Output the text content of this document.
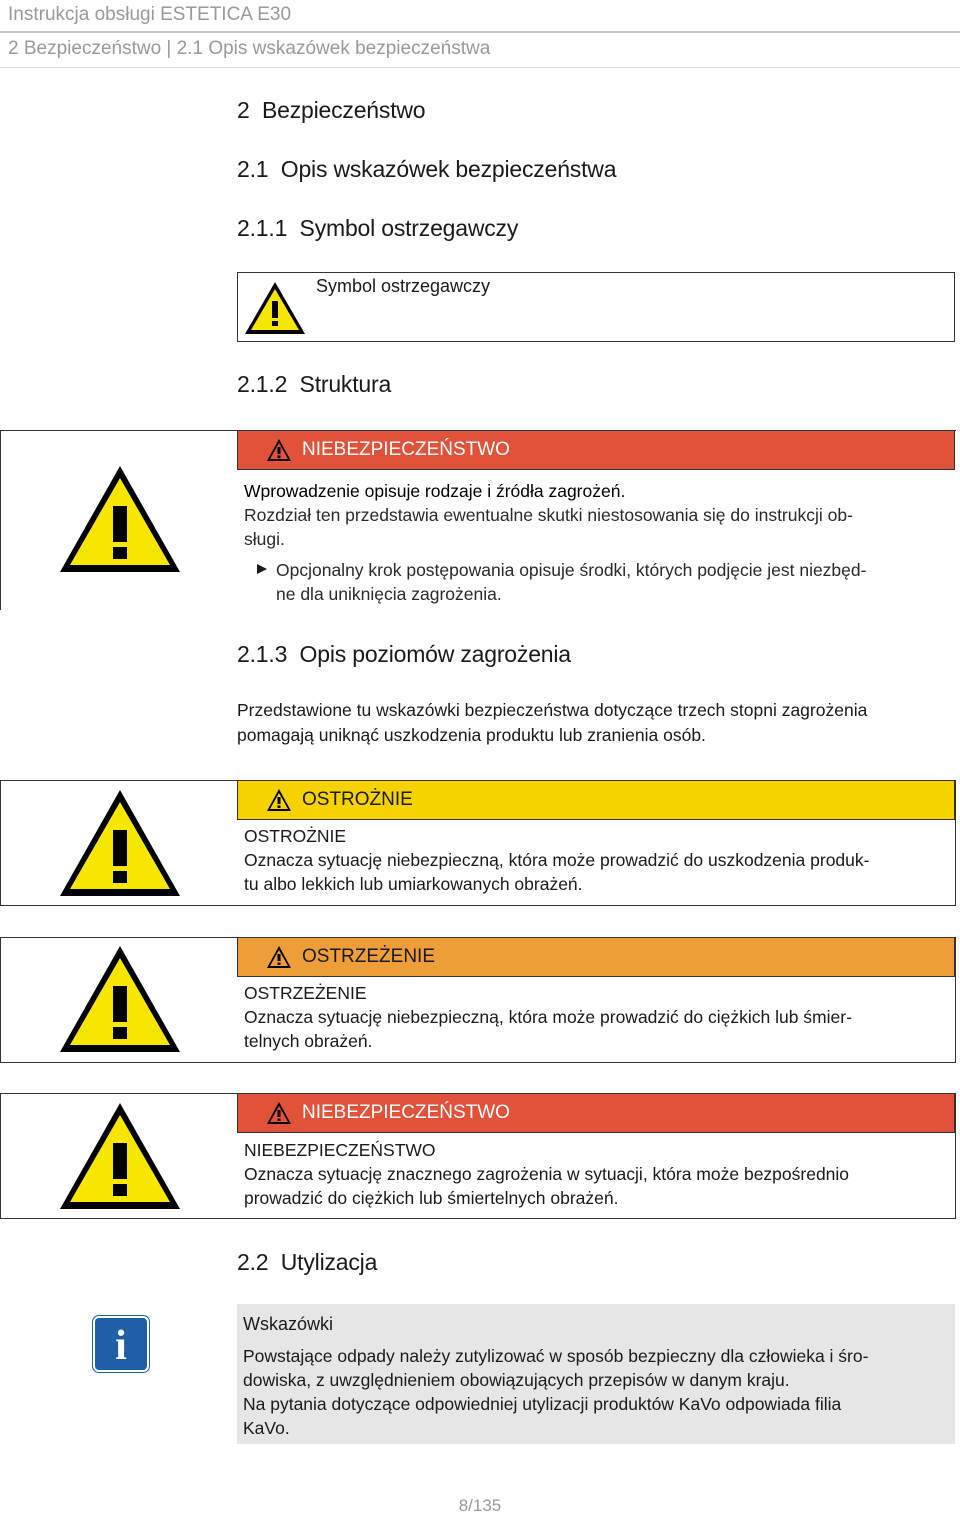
Instrukcja obsługi ESTETICA E30
2 Bezpieczeństwo | 2.1 Opis wskazówek bezpieczeństwa
2 Bezpieczeństwo
2.1 Opis wskazówek bezpieczeństwa
2.1.1 Symbol ostrzegawczy
Symbol ostrzegawczy
2.1.2 Struktura
NIEBEZPIECZEŃSTWO
Wprowadzenie opisuje rodzaje i źródła zagrożeń.
Rozdział ten przedstawia ewentualne skutki niestosowania się do instrukcji ob-
sługi.
Opcjonalny krok postępowania opisuje środki, których podjęcie jest niezbęd-
ne dla uniknięcia zagrożenia.
2.1.3 Opis poziomów zagrożenia
Przedstawione tu wskazówki bezpieczeństwa dotyczące trzech stopni zagrożenia
pomagają uniknąć uszkodzenia produktu lub zranienia osób.
OSTROŻNIE
OSTROŻNIE
Oznacza sytuację niebezpieczną, która może prowadzić do uszkodzenia produk-
tu albo lekkich lub umiarkowanych obrażeń.
OSTRZEŻENIE
OSTRZEŻENIE
Oznacza sytuację niebezpieczną, która może prowadzić do ciężkich lub śmier-
telnych obrażeń.
NIEBEZPIECZEŃSTWO
NIEBEZPIECZEŃSTWO
Oznacza sytuację znacznego zagrożenia w sytuacji, która może bezpośrednio
prowadzić do ciężkich lub śmiertelnych obrażeń.
2.2 Utylizacja
i	Wskazówki
Powstające odpady należy zutylizować w sposób bezpieczny dla człowieka i śro-
dowiska, z uwzględnieniem obowiązujących przepisów w danym kraju.
Na pytania dotyczące odpowiedniej utylizacji produktów KaVo odpowiada filia
KaVo.
8/135
